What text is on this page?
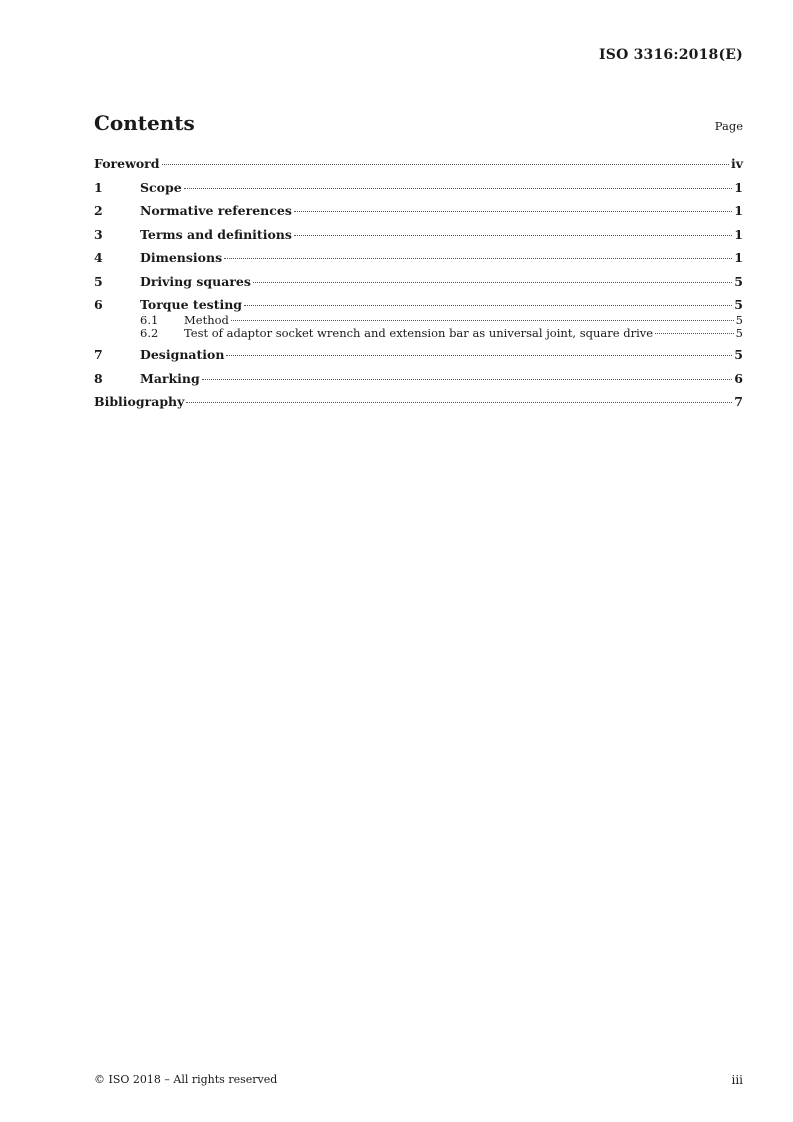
ISO 3316:2018(E)
Contents	Page
Foreword	iv
1	Scope	1
2	Normative references	1
3	Terms and definitions	1
4	Dimensions	1
5	Driving squares	5
6	Torque testing	5
6.1	Method	5
6.2	Test of adaptor socket wrench and extension bar as universal joint, square drive	5
7	Designation	5
8	Marking	6
Bibliography	7
© ISO 2018 – All rights reserved	iii
